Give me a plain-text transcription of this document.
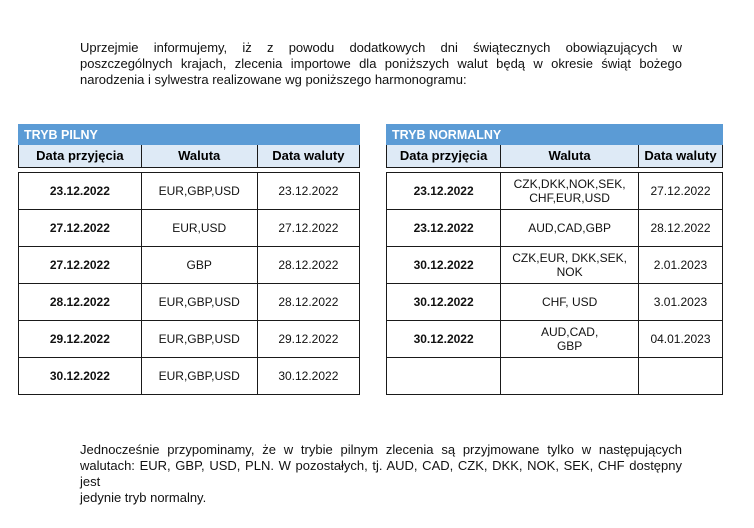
Uprzejmie informujemy, iż z powodu dodatkowych dni świątecznych obowiązujących w
poszczególnych krajach, zlecenia importowe dla poniższych walut będą w okresie świąt bożego
narodzenia i sylwestra realizowane wg poniższego harmonogramu:
TRYB PILNY		
Data przyjęcia	Waluta	Data waluty

23.12.2022	EUR,GBP,USD	23.12.2022
27.12.2022	EUR,USD	27.12.2022
27.12.2022	GBP	28.12.2022
28.12.2022	EUR,GBP,USD	28.12.2022
29.12.2022	EUR,GBP,USD	29.12.2022
30.12.2022	EUR,GBP,USD	30.12.2022
TRYB NORMALNY		
Data przyjęcia	Waluta	Data waluty

23.12.2022	CZK,DKK,NOK,SEK,
CHF,EUR,USD	27.12.2022
23.12.2022	AUD,CAD,GBP	28.12.2022
30.12.2022	CZK,EUR, DKK,SEK, NOK	2.01.2023
30.12.2022	CHF, USD	3.01.2023
30.12.2022	AUD,CAD,
GBP	04.01.2023

Jednocześnie przypominamy, że w trybie pilnym zlecenia są przyjmowane tylko w następujących
walutach: EUR, GBP, USD, PLN. W pozostałych, tj. AUD, CAD, CZK, DKK, NOK, SEK, CHF dostępny jest
jedynie tryb normalny.
